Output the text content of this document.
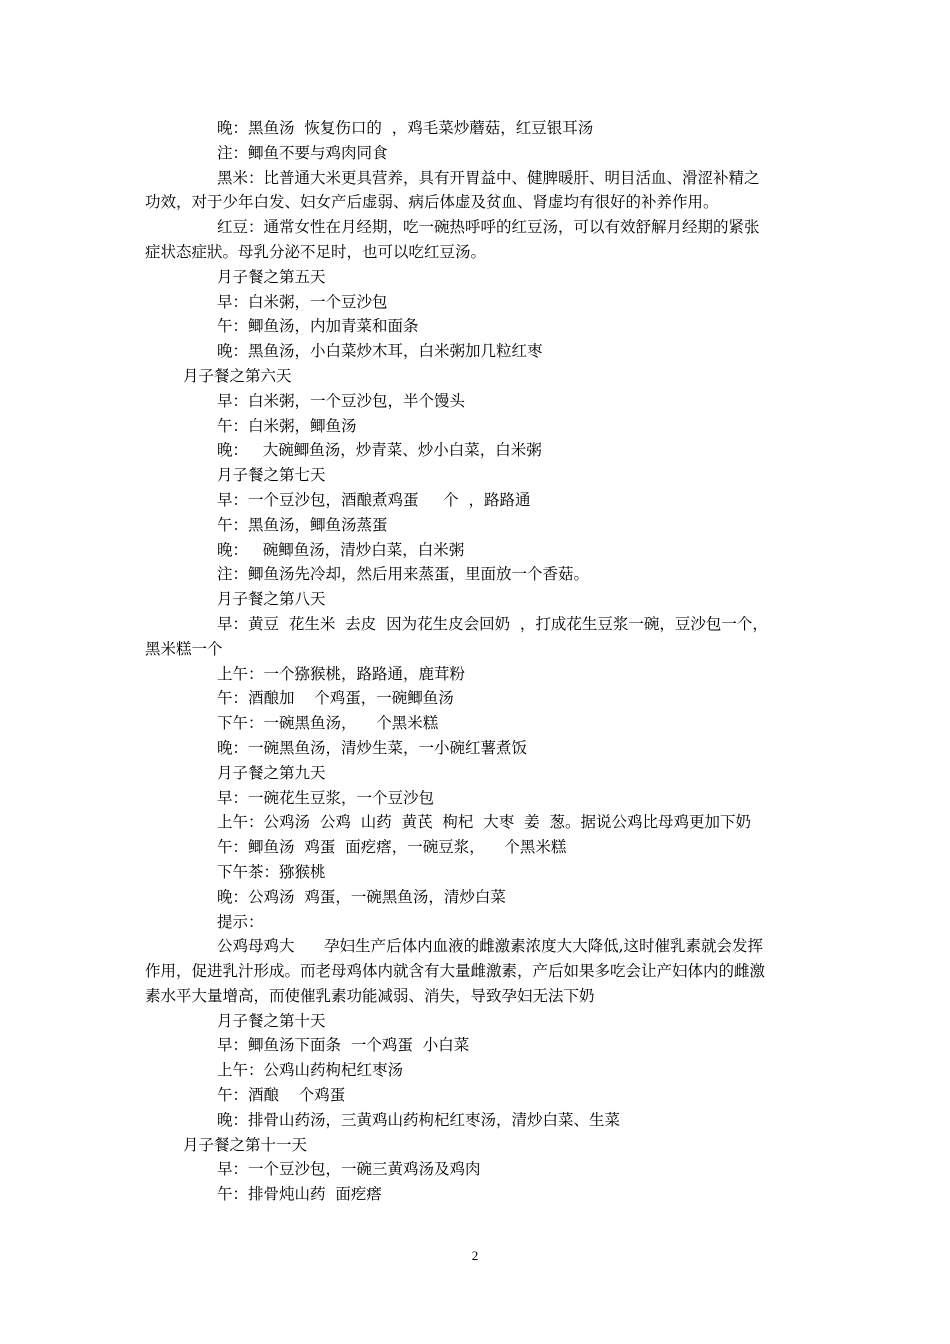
晚：黑鱼汤  恢复伤口的  ，鸡毛菜炒蘑菇，红豆银耳汤
注：鲫鱼不要与鸡肉同食
黑米：比普通大米更具营养，具有开胃益中、健脾暖肝、明目活血、滑涩补精之
功效，对于少年白发、妇女产后虚弱、病后体虚及贫血、肾虚均有很好的补养作用。
红豆：通常女性在月经期，吃一碗热呼呼的红豆汤，可以有效舒解月经期的紧张
症状态症狀。母乳分泌不足时，也可以吃红豆汤。
月子餐之第五天
早：白米粥，一个豆沙包
午：鲫鱼汤，内加青菜和面条
晚：黑鱼汤，小白菜炒木耳，白米粥加几粒红枣
月子餐之第六天
早：白米粥，一个豆沙包，半个馒头
午：白米粥，鲫鱼汤
晚：   大碗鲫鱼汤，炒青菜、炒小白菜，白米粥
月子餐之第七天
早：一个豆沙包，酒酿煮鸡蛋     个  ，路路通
午：黑鱼汤，鲫鱼汤蒸蛋
晚：   碗鲫鱼汤，清炒白菜，白米粥
注：鲫鱼汤先冷却，然后用来蒸蛋，里面放一个香菇。
月子餐之第八天
早：黄豆  花生米  去皮  因为花生皮会回奶  ，打成花生豆浆一碗，豆沙包一个，
黑米糕一个
上午：一个猕猴桃，路路通，鹿茸粉
午：酒酿加    个鸡蛋，一碗鲫鱼汤
下午：一碗黑鱼汤，    个黑米糕
晚：一碗黑鱼汤，清炒生菜，一小碗红薯煮饭
月子餐之第九天
早：一碗花生豆浆，一个豆沙包
上午：公鸡汤  公鸡  山药  黄芪  枸杞  大枣  姜  葱。据说公鸡比母鸡更加下奶
午：鲫鱼汤  鸡蛋  面疙瘩，一碗豆浆，    个黑米糕
下午茶：猕猴桃
晚：公鸡汤  鸡蛋，一碗黑鱼汤，清炒白菜
提示：
公鸡母鸡大      孕妇生产后体内血液的雌激素浓度大大降低,这时催乳素就会发挥
作用，促进乳汁形成。而老母鸡体内就含有大量雌激素，产后如果多吃会让产妇体内的雌激
素水平大量增高，而使催乳素功能减弱、消失，导致孕妇无法下奶
月子餐之第十天
早：鲫鱼汤下面条  一个鸡蛋  小白菜
上午：公鸡山药枸杞红枣汤
午：酒酿    个鸡蛋
晚：排骨山药汤，三黄鸡山药枸杞红枣汤，清炒白菜、生菜
月子餐之第十一天
早：一个豆沙包，一碗三黄鸡汤及鸡肉
午：排骨炖山药  面疙瘩
2
